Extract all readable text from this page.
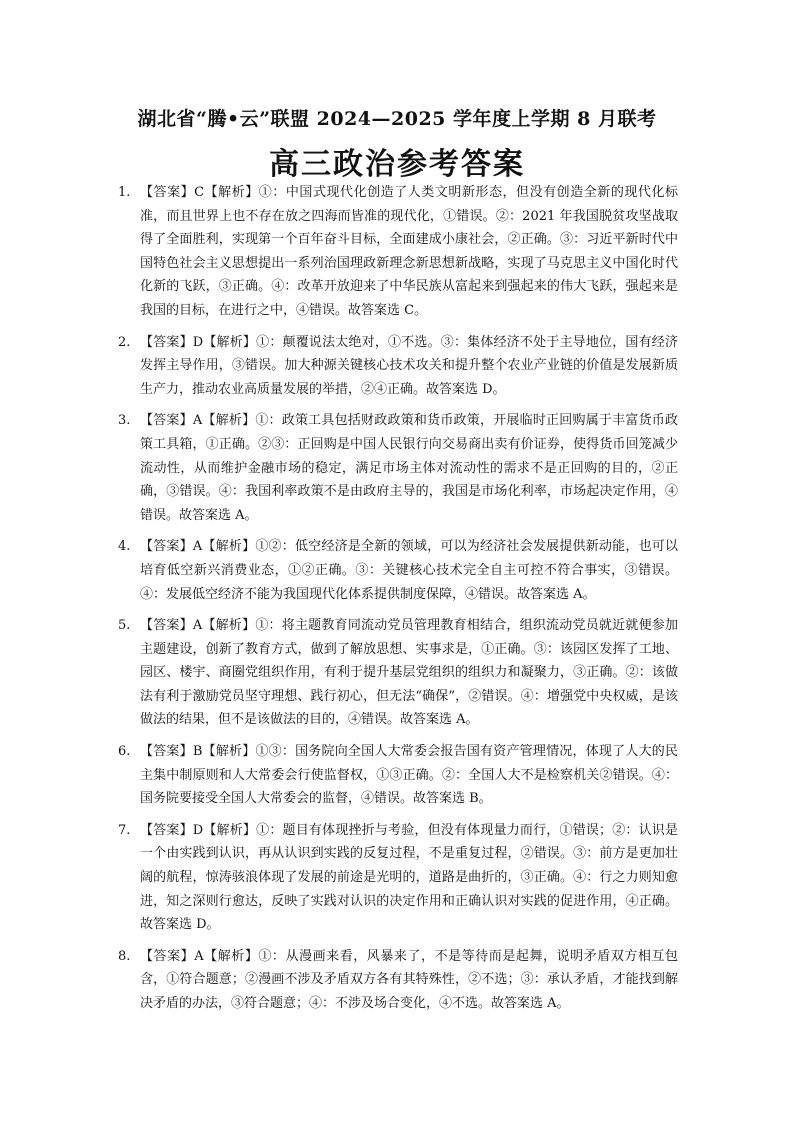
湖北省“腾•云”联盟 2024—2025 学年度上学期 8 月联考
高三政治参考答案
1. 【答案】C【解析】①：中国式现代化创造了人类文明新形态，但没有创造全新的现代化标准，而且世界上也不存在放之四海而皆准的现代化，①错误。②：2021 年我国脱贫攻坚战取得了全面胜利，实现第一个百年奋斗目标，全面建成小康社会，②正确。③：习近平新时代中国特色社会主义思想提出一系列治国理政新理念新思想新战略，实现了马克思主义中国化时代化新的飞跃，③正确。④：改革开放迎来了中华民族从富起来到强起来的伟大飞跃，强起来是我国的目标，在进行之中，④错误。故答案选 C。
2. 【答案】D【解析】①：颠覆说法太绝对，①不选。③：集体经济不处于主导地位，国有经济发挥主导作用，③错误。加大种源关键核心技术攻关和提升整个农业产业链的价值是发展新质生产力，推动农业高质量发展的举措，②④正确。故答案选 D。
3. 【答案】A【解析】①：政策工具包括财政政策和货币政策，开展临时正回购属于丰富货币政策工具箱，①正确。②③：正回购是中国人民银行向交易商出卖有价证券，使得货币回笼减少流动性，从而维护金融市场的稳定，满足市场主体对流动性的需求不是正回购的目的，②正确，③错误。④：我国利率政策不是由政府主导的，我国是市场化利率，市场起决定作用，④错误。故答案选 A。
4. 【答案】A【解析】①②：低空经济是全新的领域，可以为经济社会发展提供新动能，也可以培育低空新兴消费业态，①②正确。③：关键核心技术完全自主可控不符合事实，③错误。④：发展低空经济不能为我国现代化体系提供制度保障，④错误。故答案选 A。
5. 【答案】A【解析】①：将主题教育同流动党员管理教育相结合，组织流动党员就近就便参加主题建设，创新了教育方式，做到了解放思想、实事求是，①正确。③：该园区发挥了工地、园区、楼宇、商圈党组织作用，有利于提升基层党组织的组织力和凝聚力，③正确。②：该做法有利于激励党员坚守理想、践行初心，但无法“确保”，②错误。④：增强党中央权威，是该做法的结果，但不是该做法的目的，④错误。故答案选 A。
6. 【答案】B【解析】①③：国务院向全国人大常委会报告国有资产管理情况，体现了人大的民主集中制原则和人大常委会行使监督权，①③正确。②：全国人大不是检察机关②错误。④：国务院要接受全国人大常委会的监督，④错误。故答案选 B。
7. 【答案】D【解析】①：题目有体现挫折与考验，但没有体现量力而行，①错误；②：认识是一个由实践到认识，再从认识到实践的反复过程，不是重复过程，②错误。③：前方是更加壮阔的航程，惊涛骇浪体现了发展的前途是光明的，道路是曲折的，③正确。④：行之力则知愈进，知之深则行愈达，反映了实践对认识的决定作用和正确认识对实践的促进作用，④正确。故答案选 D。
8. 【答案】A【解析】①：从漫画来看，风暴来了，不是等待而是起舞，说明矛盾双方相互包含，①符合题意；②漫画不涉及矛盾双方各有其特殊性，②不选；③：承认矛盾，才能找到解决矛盾的办法，③符合题意；④：不涉及场合变化，④不选。故答案选 A。
